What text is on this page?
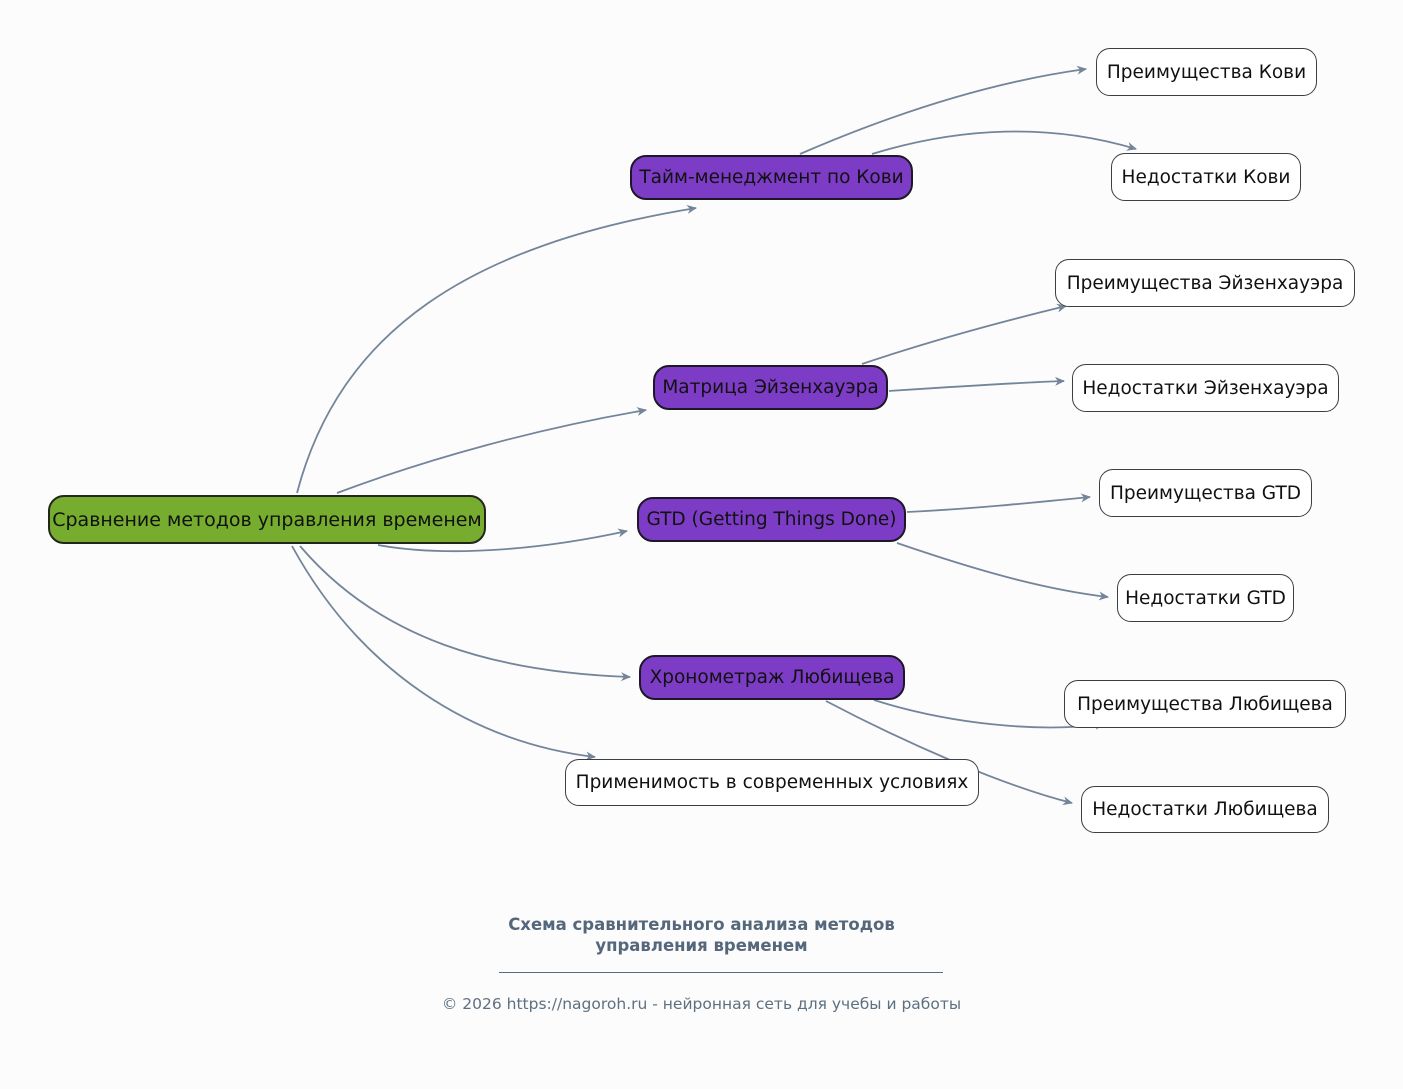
Сравнение методов управления временем
Тайм-менеджмент по Кови
Преимущества Кови
Недостатки Кови
Матрица Эйзенхауэра
Преимущества Эйзенхауэра
Недостатки Эйзенхауэра
GTD (Getting Things Done)
Преимущества GTD
Недостатки GTD
Хронометраж Любищева
Преимущества Любищева
Недостатки Любищева
Применимость в современных условиях
Схема сравнительного анализа методов управления временем
© 2026 https://nagoroh.ru - нейронная сеть для учебы и работы
